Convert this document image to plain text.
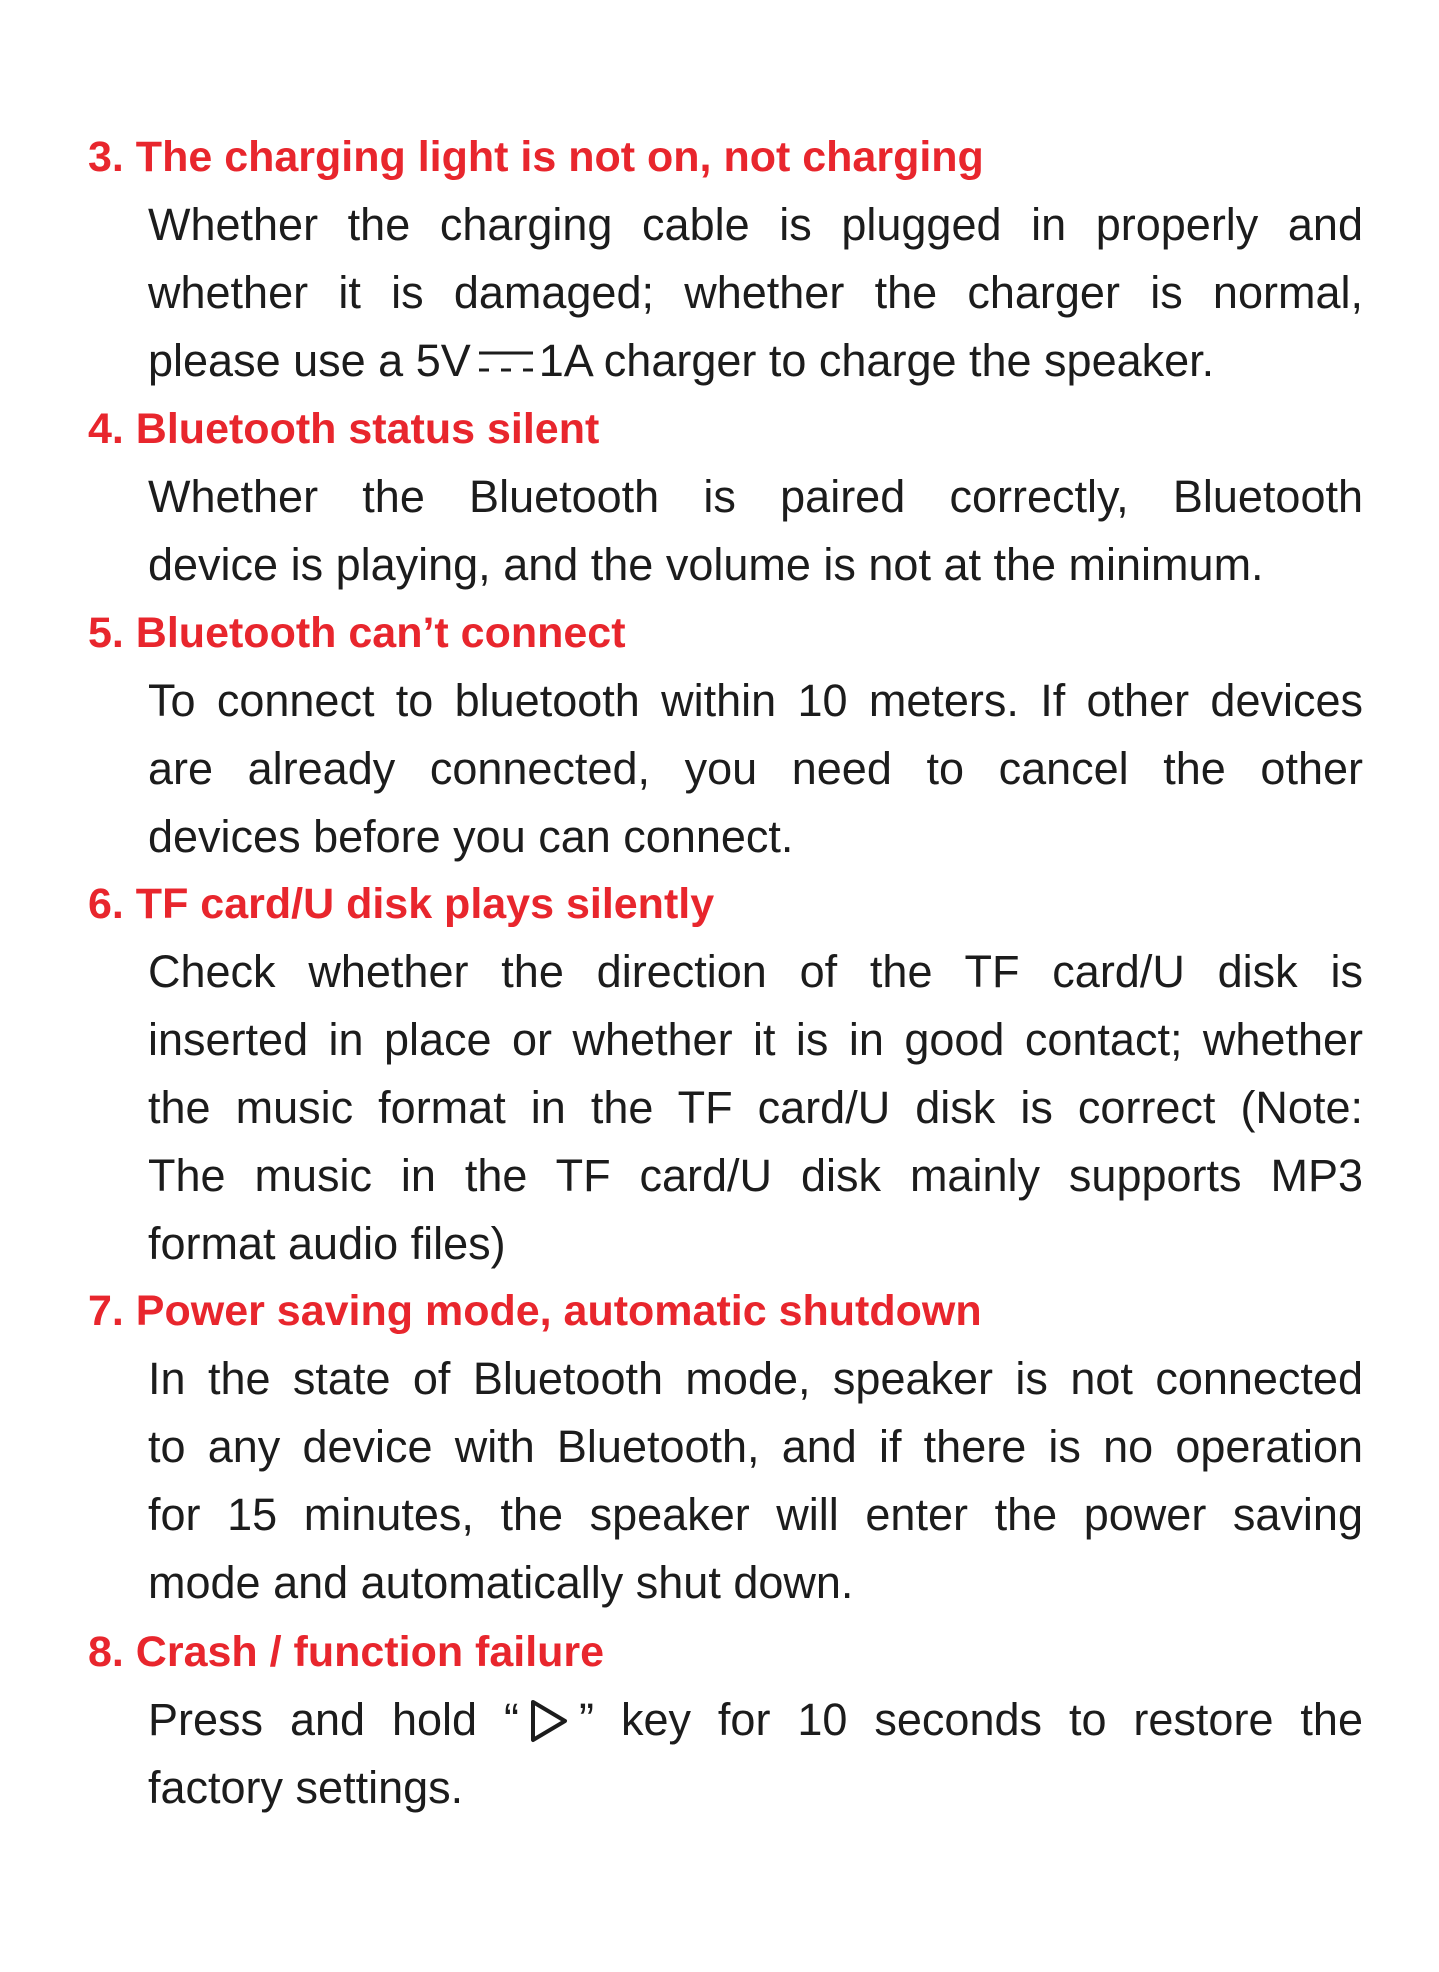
3. The charging light is not on, not charging

Whether the charging cable is plugged in properly and

whether it is damaged; whether the charger is normal,

please use a 5V 1A charger to charge the speaker.

4. Bluetooth status silent

Whether the Bluetooth is paired correctly, Bluetooth

device is playing, and the volume is not at the minimum.

5. Bluetooth can’t connect

To connect to bluetooth within 10 meters. If other devices

are already connected, you need to cancel the other

devices before you can connect.

6. TF card/U disk plays silently

Check whether the direction of the TF card/U disk is

inserted in place or whether it is in good contact; whether

the music format in the TF card/U disk is correct (Note:

The music in the TF card/U disk mainly supports MP3

format audio files)

7. Power saving mode, automatic shutdown

In the state of Bluetooth mode, speaker is not connected

to any device with Bluetooth, and if there is no operation

for 15 minutes, the speaker will enter the power saving

mode and automatically shut down.

8. Crash / function failure

Press and hold “ ” key for 10 seconds to restore the

factory settings.
